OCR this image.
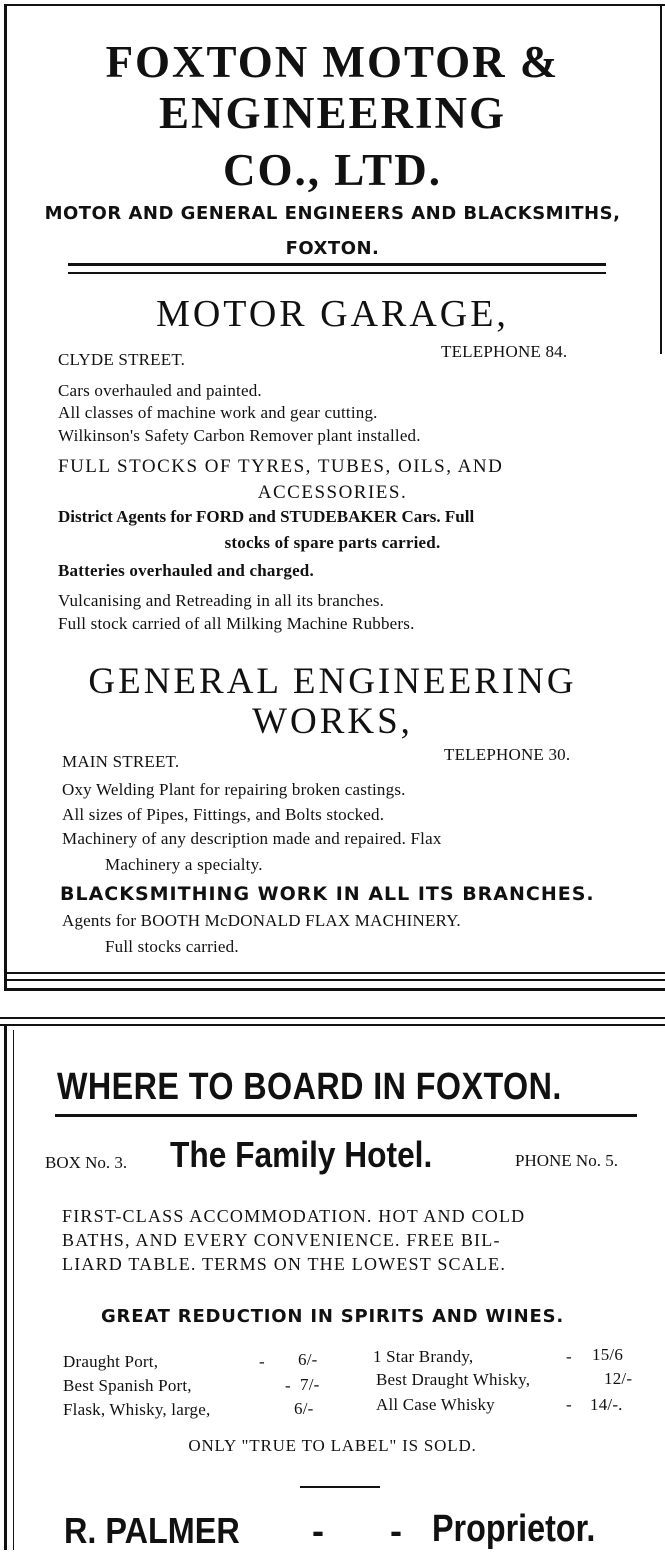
FOXTON MOTOR &
ENGINEERING
CO., LTD.
MOTOR AND GENERAL ENGINEERS AND BLACKSMITHS,
FOXTON.
MOTOR GARAGE,
CLYDE STREET.	TELEPHONE 84.
Cars overhauled and painted.
All classes of machine work and gear cutting.
Wilkinson's Safety Carbon Remover plant installed.
FULL STOCKS OF TYRES, TUBES, OILS, AND
ACCESSORIES.
District Agents for FORD and STUDEBAKER Cars. Full
stocks of spare parts carried.
Batteries overhauled and charged.
Vulcanising and Retreading in all its branches.
Full stock carried of all Milking Machine Rubbers.
GENERAL ENGINEERING
WORKS,
MAIN STREET.	TELEPHONE 30.
Oxy Welding Plant for repairing broken castings.
All sizes of Pipes, Fittings, and Bolts stocked.
Machinery of any description made and repaired. Flax
Machinery a specialty.
BLACKSMITHING WORK IN ALL ITS BRANCHES.
Agents for BOOTH McDONALD FLAX MACHINERY.
Full stocks carried.
WHERE TO BOARD IN FOXTON.
BOX No. 3. The Family Hotel.	PHONE No. 5.
FIRST-CLASS ACCOMMODATION. HOT AND COLD
BATHS, AND EVERY CONVENIENCE. FREE BIL-
LIARD TABLE. TERMS ON THE LOWEST SCALE.
GREAT REDUCTION IN SPIRITS AND WINES.
Draught Port,	- 6/-	1 Star Brandy,	- 15/6
Best Spanish Port,	- 7/-	Best Draught Whisky,	12/-
Flask, Whisky, large,	6/-	All Case Whisky	- 14/-.
ONLY "TRUE TO LABEL" IS SOLD.
R. PALMER - - Proprietor.
